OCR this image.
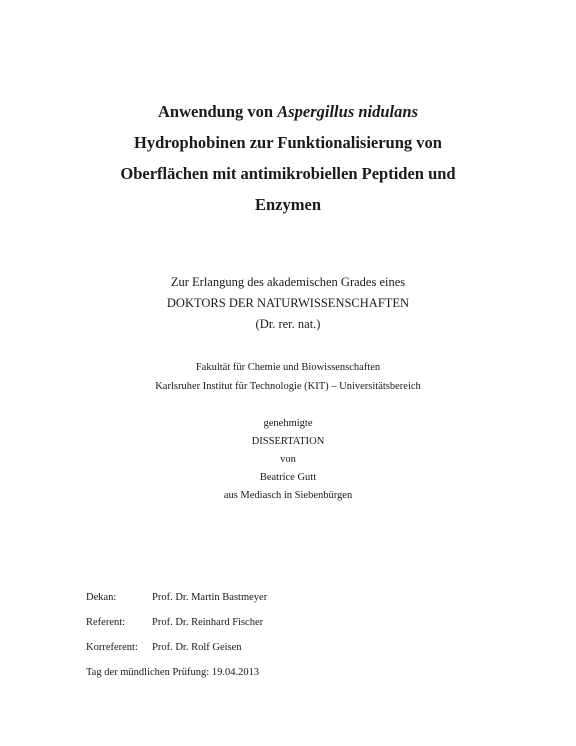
Anwendung von Aspergillus nidulans
Hydrophobinen zur Funktionalisierung von
Oberflächen mit antimikrobiellen Peptiden und
Enzymen
Zur Erlangung des akademischen Grades eines
DOKTORS DER NATURWISSENSCHAFTEN
(Dr. rer. nat.)
Fakultät für Chemie und Biowissenschaften
Karlsruher Institut für Technologie (KIT) – Universitätsbereich
genehmigte
DISSERTATION
von
Beatrice Gutt
aus Mediasch in Siebenbürgen
Dekan:	Prof. Dr. Martin Bastmeyer
Referent:	Prof. Dr. Reinhard Fischer
Korreferent: Prof. Dr. Rolf Geisen

Tag der mündlichen Prüfung: 19.04.2013
